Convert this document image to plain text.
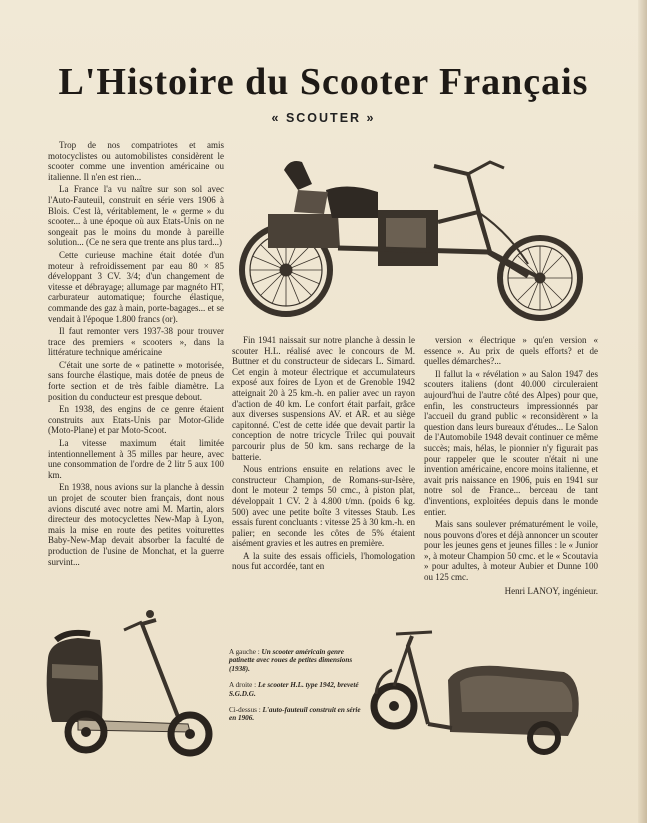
L'Histoire du Scooter Français
« SCOUTER »

Trop de nos compatriotes et amis motocyclistes ou automobilistes considèrent le scooter comme une invention américaine ou italienne. Il n'en est rien...

La France l'a vu naître sur son sol avec l'Auto-Fauteuil, construit en série vers 1906 à Blois. C'est là, véritablement, le « germe » du scooter... à une époque où aux Etats-Unis on ne songeait pas le moins du monde à pareille solution... (Ce ne sera que trente ans plus tard...)

Cette curieuse machine était dotée d'un moteur à refroidissement par eau 80 × 85 développant 3 CV. 3/4; d'un changement de vitesse et débrayage; allumage par magnéto HT, carburateur automatique; fourche élastique, commande des gaz à main, porte-bagages... et se vendait à l'époque 1.800 francs (or).

Il faut remonter vers 1937-38 pour trouver trace des premiers « scooters », dans la littérature technique américaine

C'était une sorte de « patinette » motorisée, sans fourche élastique, mais dotée de pneus de forte section et de très faible diamètre. La position du conducteur est presque debout.

En 1938, des engins de ce genre étaient construits aux Etats-Unis par Motor-Glide (Moto-Plane) et par Moto-Scoot.

La vitesse maximum était limitée intentionnellement à 35 milles par heure, avec une consommation de l'ordre de 2 litr 5 aux 100 km.

En 1938, nous avions sur la planche à dessin un projet de scouter bien français, dont nous avions discuté avec notre ami M. Martin, alors directeur des motocyclettes New-Map à Lyon, mais la mise en route des petites voiturettes Baby-New-Map devait absorber la faculté de production de l'usine de Monchat, et la guerre survint...

Fin 1941 naissait sur notre planche à dessin le scouter H.L. réalisé avec le concours de M. Buttner et du constructeur de sidecars L. Simard. Cet engin à moteur électrique et accumulateurs exposé aux foires de Lyon et de Grenoble 1942 atteignait 20 à 25 km.-h. en palier avec un rayon d'action de 40 km. Le confort était parfait, grâce aux diverses suspensions AV. et AR. et au siège capitonné. C'est de cette idée que devait partir la conception de notre tricycle Trilec qui pouvait parcourir plus de 50 km. sans recharge de la batterie.

Nous entrions ensuite en relations avec le constructeur Champion, de Romans-sur-Isère, dont le moteur 2 temps 50 cmc., à piston plat, développait 1 CV. 2 à 4.800 t/mn. (poids 6 kg. 500) avec une petite boîte 3 vitesses Staub. Les essais furent concluants : vitesse 25 à 30 km.-h. en palier; en seconde les côtes de 5% étaient aisément gravies et les autres en première.

A la suite des essais officiels, l'homologation nous fut accordée, tant en

version « électrique » qu'en version « essence ». Au prix de quels efforts? et de quelles démarches?...

Il fallut la « révélation » au Salon 1947 des scouters italiens (dont 40.000 circuleraient aujourd'hui de l'autre côté des Alpes) pour que, enfin, les constructeurs impressionnés par l'accueil du grand public « reconsidèrent » la question dans leurs bureaux d'études... Le Salon de l'Automobile 1948 devait continuer ce même succès; mais, hélas, le pionnier n'y figurait pas pour rappeler que le scouter n'était ni une invention américaine, encore moins italienne, et avait pris naissance en 1906, puis en 1941 sur notre sol de France... berceau de tant d'inventions, exploitées depuis dans le monde entier.

Mais sans soulever prématurément le voile, nous pouvons d'ores et déjà annoncer un scouter pour les jeunes gens et jeunes filles : le « Junior », à moteur Champion 50 cmc. et le « Scoutavia » pour adultes, à moteur Aubier et Dunne 100 ou 125 cmc.

Henri LANOY, ingénieur.

A gauche : Un scooter américain genre patinette avec roues de petites dimensions (1938).

A droite : Le scooter H.L. type 1942, breveté S.G.D.G.

Ci-dessus : L'auto-fauteuil construit en série en 1906.
